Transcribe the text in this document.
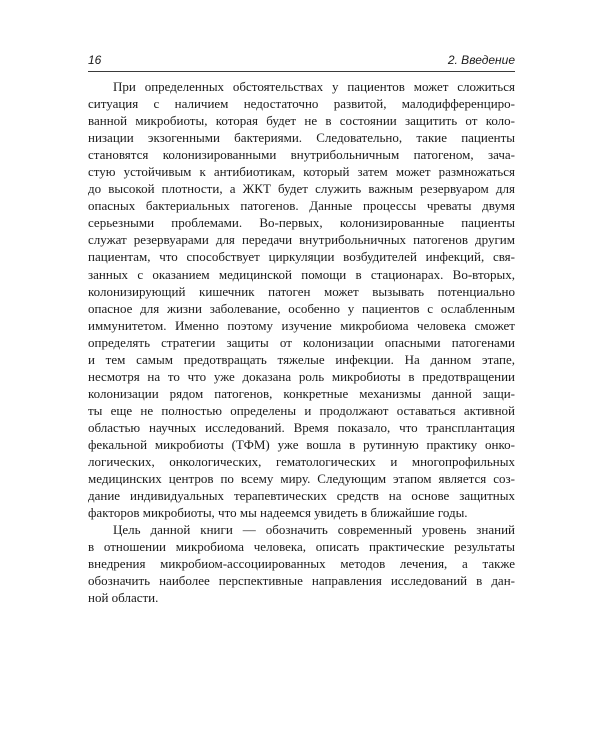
16	2. Введение

При определенных обстоятельствах у пациентов может сложиться
ситуация с наличием недостаточно развитой, малодифференциро-
ванной микробиоты, которая будет не в состоянии защитить от коло-
низации экзогенными бактериями. Следовательно, такие пациенты
становятся колонизированными внутрибольничным патогеном, зача-
стую устойчивым к антибиотикам, который затем может размножаться
до высокой плотности, а ЖКТ будет служить важным резервуаром для
опасных бактериальных патогенов. Данные процессы чреваты двумя
серьезными проблемами. Во-первых, колонизированные пациенты
служат резервуарами для передачи внутрибольничных патогенов другим
пациентам, что способствует циркуляции возбудителей инфекций, свя-
занных с оказанием медицинской помощи в стационарах. Во-вторых,
колонизирующий кишечник патоген может вызывать потенциально
опасное для жизни заболевание, особенно у пациентов с ослабленным
иммунитетом. Именно поэтому изучение микробиома человека сможет
определять стратегии защиты от колонизации опасными патогенами
и тем самым предотвращать тяжелые инфекции. На данном этапе,
несмотря на то что уже доказана роль микробиоты в предотвращении
колонизации рядом патогенов, конкретные механизмы данной защи-
ты еще не полностью определены и продолжают оставаться активной
областью научных исследований. Время показало, что трансплантация
фекальной микробиоты (ТФМ) уже вошла в рутинную практику онко-
логических, онкологических, гематологических и многопрофильных
медицинских центров по всему миру. Следующим этапом является соз-
дание индивидуальных терапевтических средств на основе защитных
факторов микробиоты, что мы надеемся увидеть в ближайшие годы.

Цель данной книги — обозначить современный уровень знаний
в отношении микробиома человека, описать практические результаты
внедрения микробиом-ассоциированных методов лечения, а также
обозначить наиболее перспективные направления исследований в дан-
ной области.
